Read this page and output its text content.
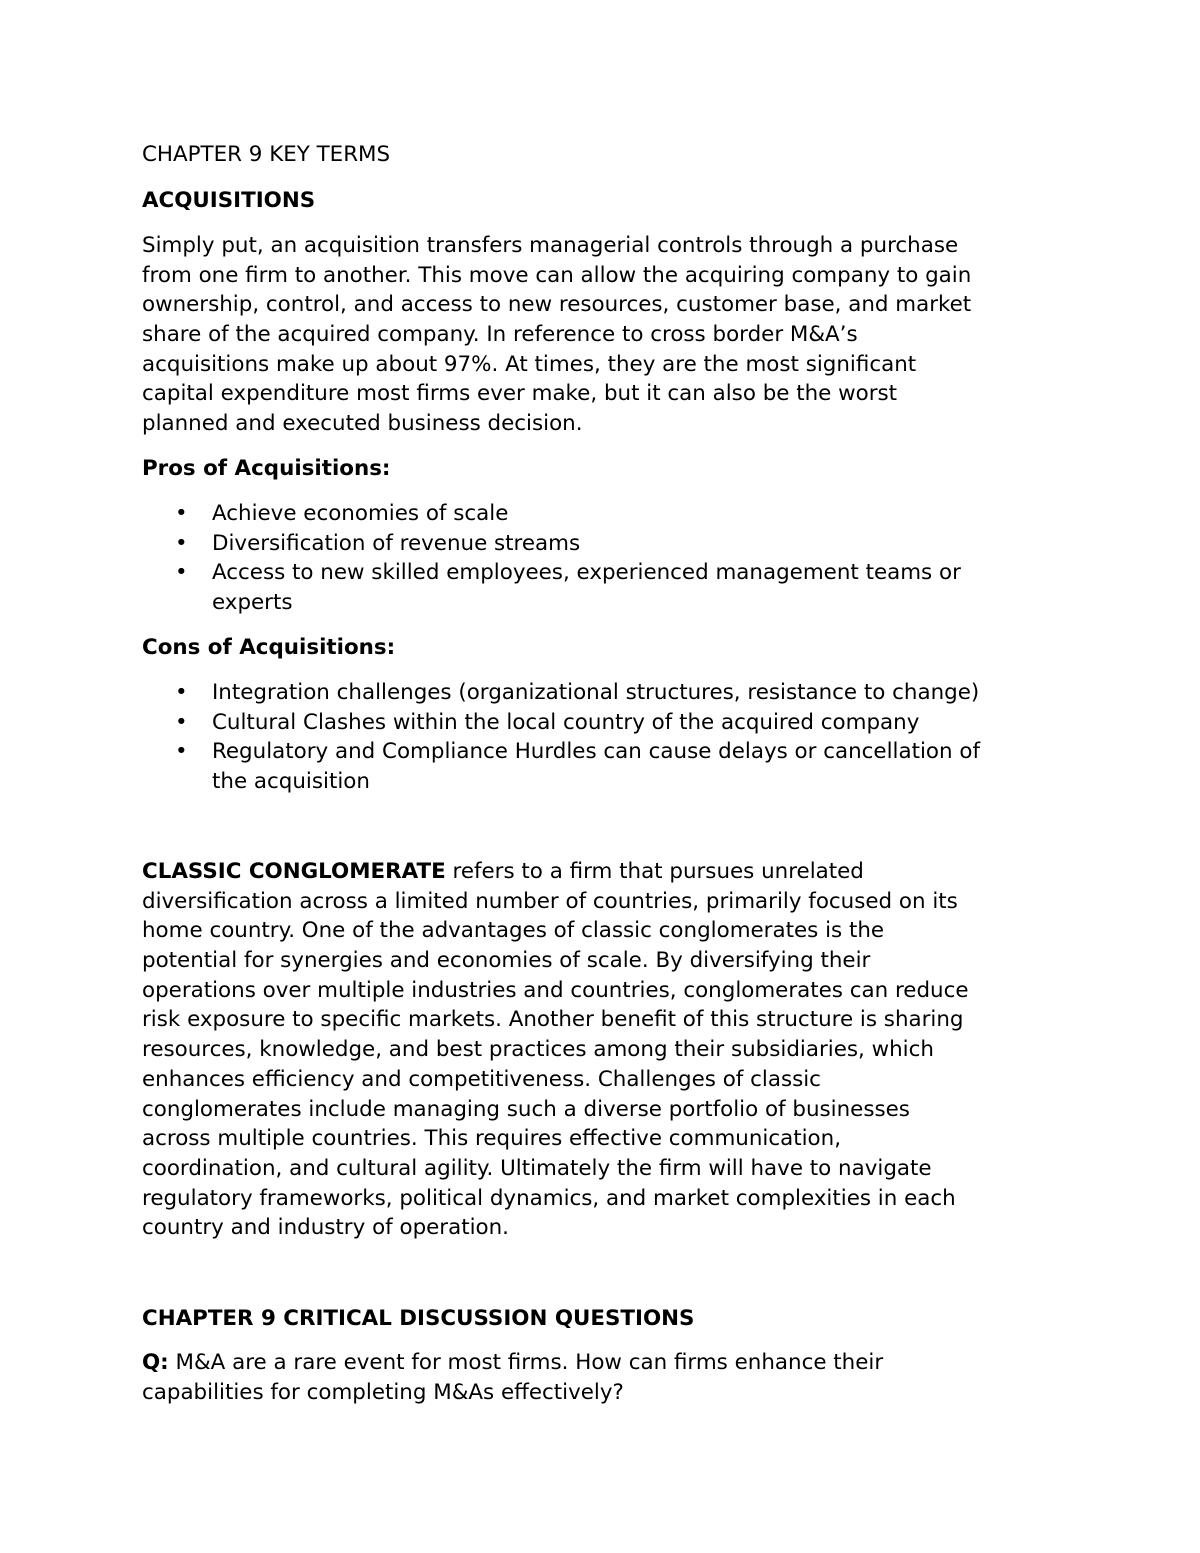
CHAPTER 9 KEY TERMS
ACQUISITIONS
Simply put, an acquisition transfers managerial controls through a purchase
from one firm to another. This move can allow the acquiring company to gain
ownership, control, and access to new resources, customer base, and market
share of the acquired company. In reference to cross border M&A’s
acquisitions make up about 97%. At times, they are the most significant
capital expenditure most firms ever make, but it can also be the worst
planned and executed business decision.
Pros of Acquisitions:
• Achieve economies of scale
• Diversification of revenue streams
• Access to new skilled employees, experienced management teams or
experts
Cons of Acquisitions:
• Integration challenges (organizational structures, resistance to change)
• Cultural Clashes within the local country of the acquired company
• Regulatory and Compliance Hurdles can cause delays or cancellation of
the acquisition
CLASSIC CONGLOMERATE refers to a firm that pursues unrelated
diversification across a limited number of countries, primarily focused on its
home country. One of the advantages of classic conglomerates is the
potential for synergies and economies of scale. By diversifying their
operations over multiple industries and countries, conglomerates can reduce
risk exposure to specific markets. Another benefit of this structure is sharing
resources, knowledge, and best practices among their subsidiaries, which
enhances efficiency and competitiveness. Challenges of classic
conglomerates include managing such a diverse portfolio of businesses
across multiple countries. This requires effective communication,
coordination, and cultural agility. Ultimately the firm will have to navigate
regulatory frameworks, political dynamics, and market complexities in each
country and industry of operation.
CHAPTER 9 CRITICAL DISCUSSION QUESTIONS
Q: M&A are a rare event for most firms. How can firms enhance their
capabilities for completing M&As effectively?
